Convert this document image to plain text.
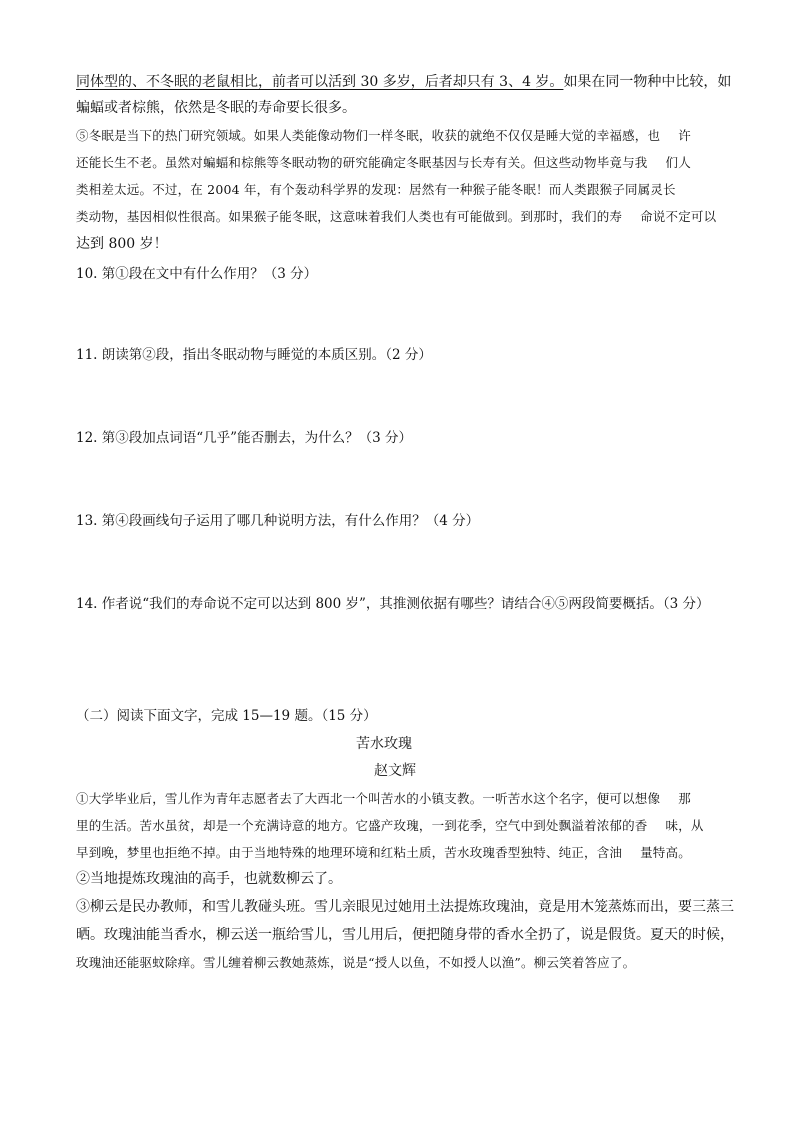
同体型的、不冬眠的老鼠相比，前者可以活到 30 多岁，后者却只有 3、4 岁。如果在同一物种中比较，如
蝙蝠或者棕熊，依然是冬眠的寿命要长很多。
⑤冬眠是当下的热门研究领域。如果人类能像动物们一样冬眠，收获的就绝不仅仅是睡大觉的幸福感，也 许
还能长生不老。虽然对蝙蝠和棕熊等冬眠动物的研究能确定冬眠基因与长寿有关。但这些动物毕竟与我 们人
类相差太远。不过，在 2004 年，有个轰动科学界的发现：居然有一种猴子能冬眠！而人类跟猴子同属灵长
类动物，基因相似性很高。如果猴子能冬眠，这意味着我们人类也有可能做到。到那时，我们的寿 命说不定可以
达到 800 岁！
10. 第①段在文中有什么作用？（3 分）
11. 朗读第②段，指出冬眠动物与睡觉的本质区别。（2 分）
12. 第③段加点词语“几乎”能否删去，为什么？（3 分）
13. 第④段画线句子运用了哪几种说明方法，有什么作用？（4 分）
14. 作者说“我们的寿命说不定可以达到 800 岁”，其推测依据有哪些？请结合④⑤两段简要概括。（3 分）
（二）阅读下面文字，完成 15—19 题。（15 分）
苦水玫瑰
赵文辉
①大学毕业后，雪儿作为青年志愿者去了大西北一个叫苦水的小镇支教。一听苦水这个名字，便可以想像 那
里的生活。苦水虽贫，却是一个充满诗意的地方。它盛产玫瑰，一到花季，空气中到处飘溢着浓郁的香 味，从
早到晚，梦里也拒绝不掉。由于当地特殊的地理环境和红粘土质，苦水玫瑰香型独特、纯正，含油 量特高。
②当地提炼玫瑰油的高手，也就数柳云了。
③柳云是民办教师，和雪儿教碰头班。雪儿亲眼见过她用土法提炼玫瑰油，竟是用木笼蒸炼而出，要三蒸三
晒。玫瑰油能当香水，柳云送一瓶给雪儿，雪儿用后，便把随身带的香水全扔了，说是假货。夏天的时候，
玫瑰油还能驱蚊除痒。雪儿缠着柳云教她蒸炼，说是“授人以鱼，不如授人以渔”。柳云笑着答应了。
